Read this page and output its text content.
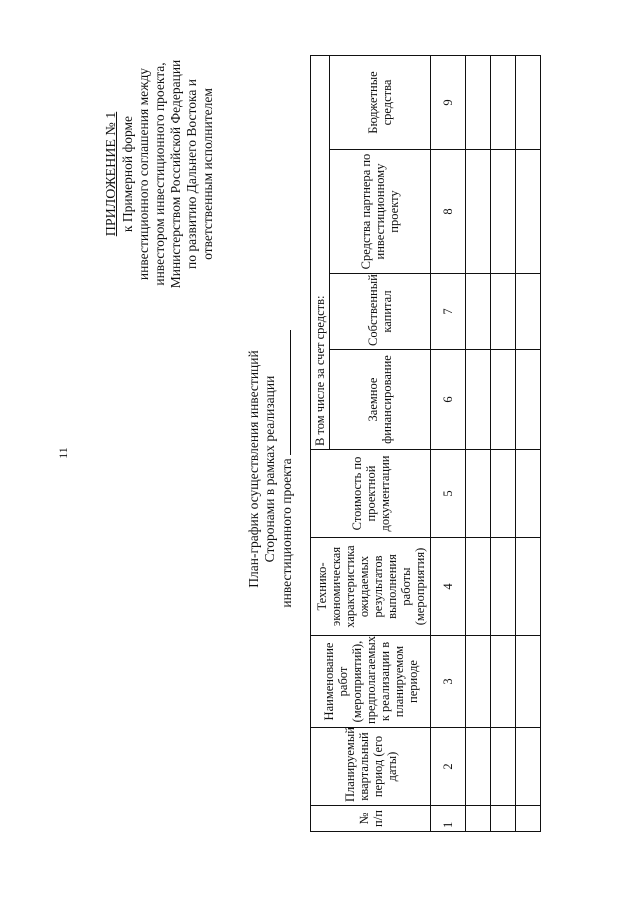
11
ПРИЛОЖЕНИЕ № 1 к Примерной форме инвестиционного соглашения между инвестором инвестиционного проекта, Министерством Российской Федерации по развитию Дальнего Востока и ответственным исполнителем
План-график осуществления инвестиций Сторонами в рамках реализации инвестиционного проекта
№ п/п	Планируемый квартальный период (его даты)	Наименование работ (мероприятий), предполагаемых к реализации в планируемом периоде	Технико-экономическая характеристика ожидаемых результатов выполнения работы (мероприятия)	Стоимость по проектной документации	В том числе за счет средств:			
					Заемное финансирование	Собственный капитал	Средства партнера по инвестиционному проекту	Бюджетные средства
1	2	3	4	5	6	7	8	9
